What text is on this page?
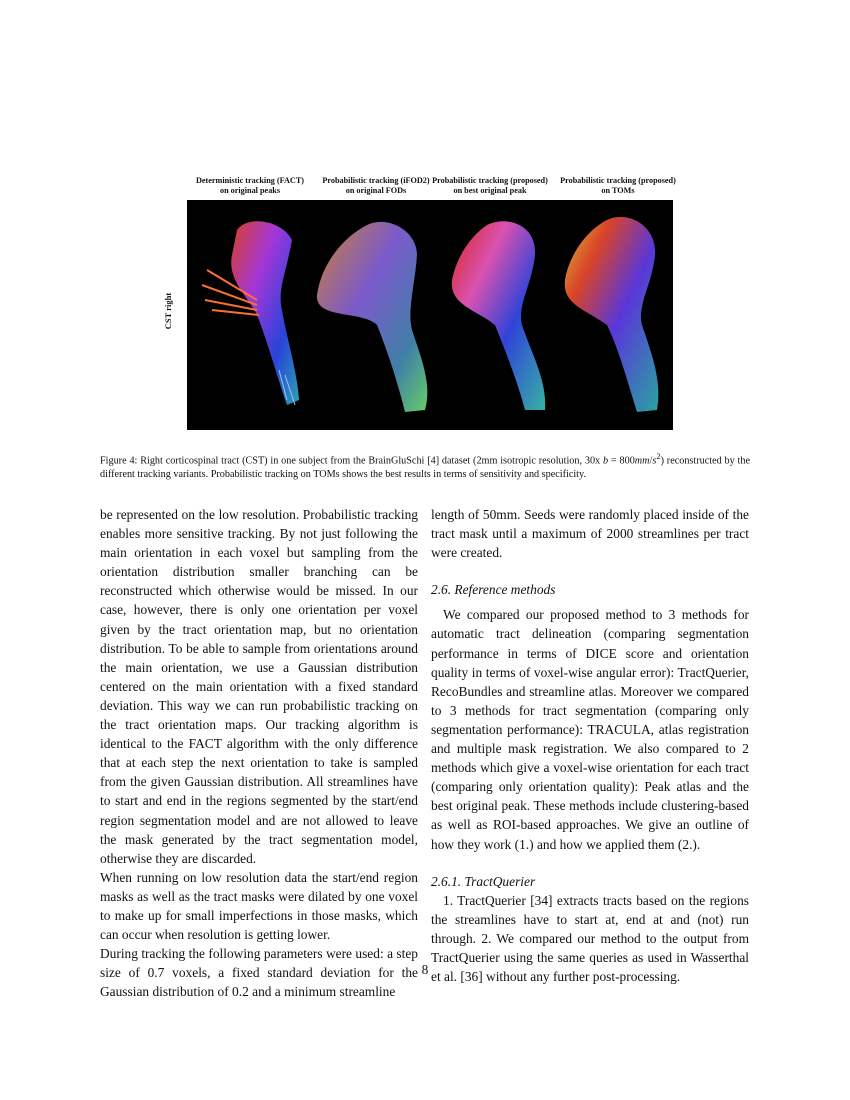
Deterministic tracking (FACT)
on original peaks
Probabilistic tracking (iFOD2)
on original FODs
Probabilistic tracking (proposed)
on best original peak
Probabilistic tracking (proposed)
on TOMs
CST right
Figure 4: Right corticospinal tract (CST) in one subject from the BrainGluSchi [4] dataset (2mm isotropic resolution, 30x $b = 800mm/s^2$) reconstructed by the different tracking variants. Probabilistic tracking on TOMs shows the best results in terms of sensitivity and specificity.

be represented on the low resolution. Probabilistic tracking enables more sensitive tracking. By not just following the main orientation in each voxel but sampling from the orientation distribution smaller branching can be reconstructed which otherwise would be missed. In our case, however, there is only one orientation per voxel given by the tract orientation map, but no orientation distribution. To be able to sample from orientations around the main orientation, we use a Gaussian distribution centered on the main orientation with a fixed standard deviation. This way we can run probabilistic tracking on the tract orientation maps. Our tracking algorithm is identical to the FACT algorithm with the only difference that at each step the next orientation to take is sampled from the given Gaussian distribution. All streamlines have to start and end in the regions segmented by the start/end region segmentation model and are not allowed to leave the mask generated by the tract segmentation model, otherwise they are discarded.

When running on low resolution data the start/end region masks as well as the tract masks were dilated by one voxel to make up for small imperfections in those masks, which can occur when resolution is getting lower.

During tracking the following parameters were used: a step size of 0.7 voxels, a fixed standard deviation for the Gaussian distribution of 0.2 and a minimum streamline

length of 50mm. Seeds were randomly placed inside of the tract mask until a maximum of 2000 streamlines per tract were created.

2.6. Reference methods

We compared our proposed method to 3 methods for automatic tract delineation (comparing segmentation performance in terms of DICE score and orientation quality in terms of voxel-wise angular error): TractQuerier, RecoBundles and streamline atlas. Moreover we compared to 3 methods for tract segmentation (comparing only segmentation performance): TRACULA, atlas registration and multiple mask registration. We also compared to 2 methods which give a voxel-wise orientation for each tract (comparing only orientation quality): Peak atlas and the best original peak. These methods include clustering-based as well as ROI-based approaches. We give an outline of how they work (1.) and how we applied them (2.).

2.6.1. TractQuerier

1. TractQuerier [34] extracts tracts based on the regions the streamlines have to start at, end at and (not) run through. 2. We compared our method to the output from TractQuerier using the same queries as used in Wasserthal et al. [36] without any further post-processing.

8
